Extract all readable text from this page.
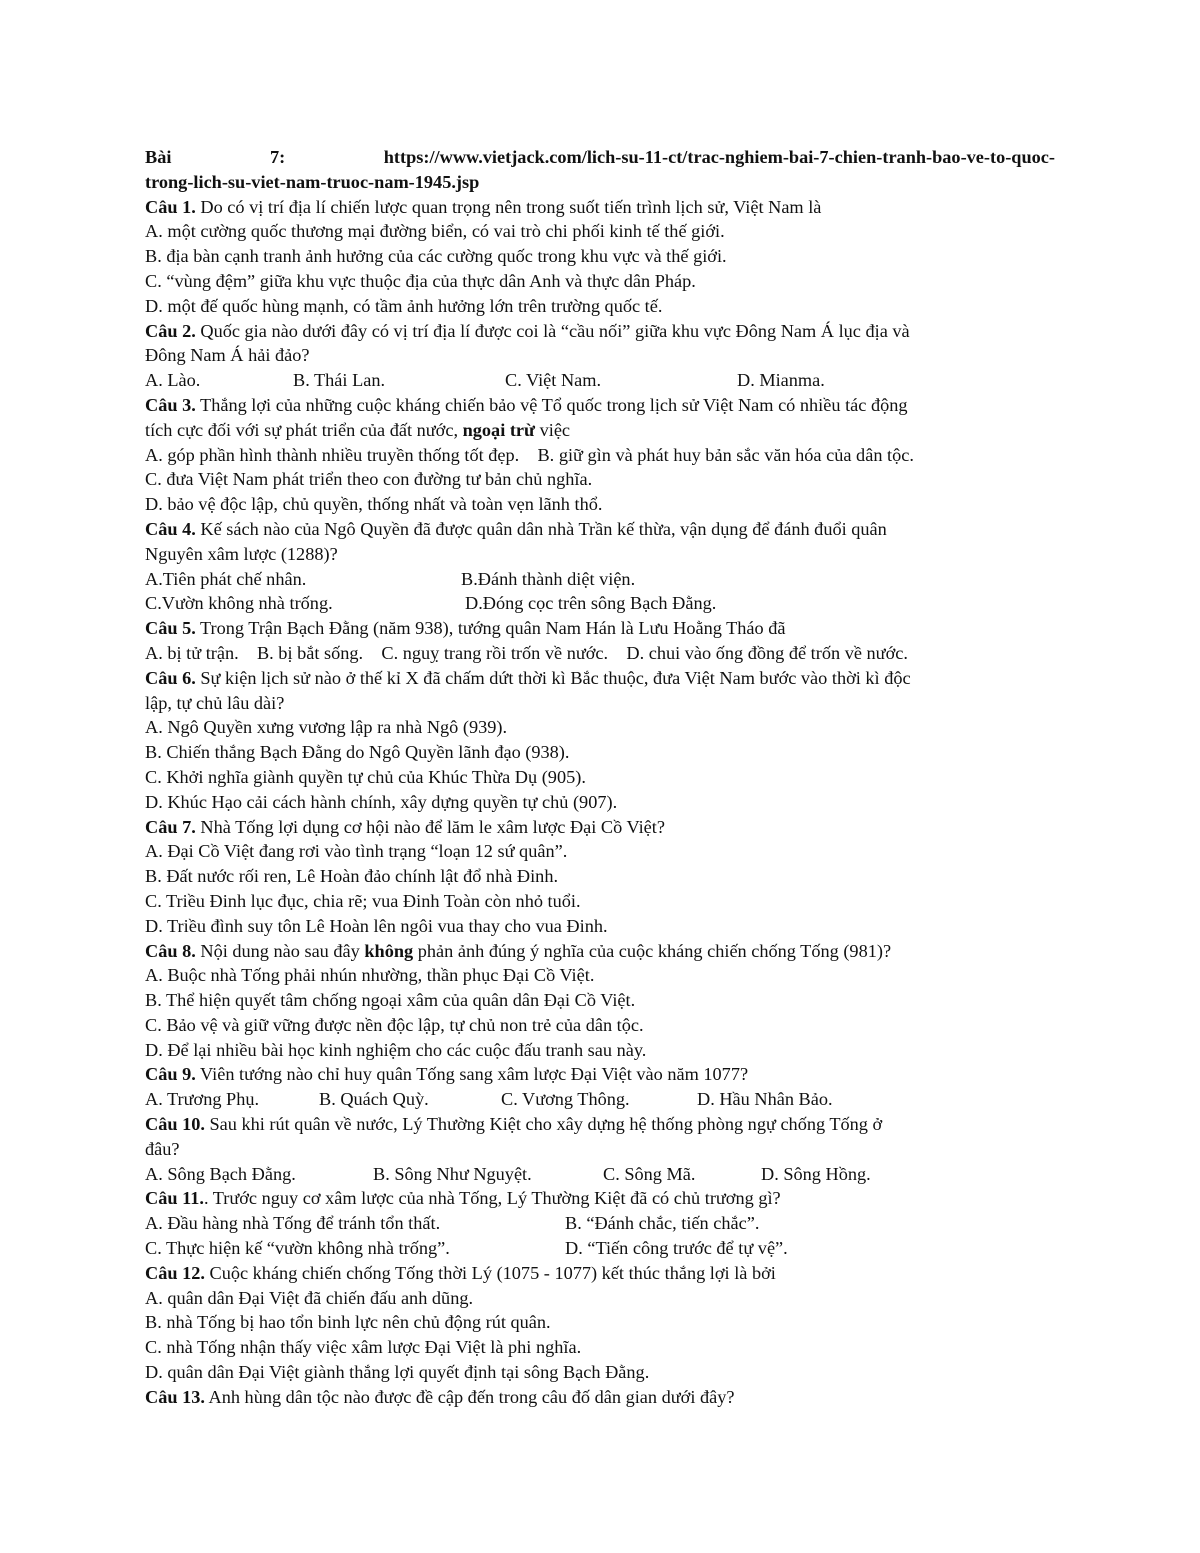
Bài	7:	https://www.vietjack.com/lich-su-11-ct/trac-nghiem-bai-7-chien-tranh-bao-ve-to-quoc-
trong-lich-su-viet-nam-truoc-nam-1945.jsp
Câu 1. Do có vị trí địa lí chiến lược quan trọng nên trong suốt tiến trình lịch sử, Việt Nam là
A. một cường quốc thương mại đường biển, có vai trò chi phối kinh tế thế giới.
B. địa bàn cạnh tranh ảnh hưởng của các cường quốc trong khu vực và thế giới.
C. “vùng đệm” giữa khu vực thuộc địa của thực dân Anh và thực dân Pháp.
D. một đế quốc hùng mạnh, có tầm ảnh hưởng lớn trên trường quốc tế.
Câu 2. Quốc gia nào dưới đây có vị trí địa lí được coi là “cầu nối” giữa khu vực Đông Nam Á lục địa và
Đông Nam Á hải đảo?
A. Lào.	B. Thái Lan.	C. Việt Nam.	D. Mianma.
Câu 3. Thắng lợi của những cuộc kháng chiến bảo vệ Tổ quốc trong lịch sử Việt Nam có nhiều tác động
tích cực đối với sự phát triển của đất nước, ngoại trừ việc
A. góp phần hình thành nhiều truyền thống tốt đẹp.    B. giữ gìn và phát huy bản sắc văn hóa của dân tộc.
C. đưa Việt Nam phát triển theo con đường tư bản chủ nghĩa.
D. bảo vệ độc lập, chủ quyền, thống nhất và toàn vẹn lãnh thổ.
Câu 4. Kế sách nào của Ngô Quyền đã được quân dân nhà Trần kế thừa, vận dụng để đánh đuổi quân
Nguyên xâm lược (1288)?
A.Tiên phát chế nhân.	B.Đánh thành diệt viện.
C.Vườn không nhà trống.	D.Đóng cọc trên sông Bạch Đằng.
Câu 5. Trong Trận Bạch Đằng (năm 938), tướng quân Nam Hán là Lưu Hoằng Tháo đã
A. bị tử trận.    B. bị bắt sống.    C. nguỵ trang rồi trốn về nước.    D. chui vào ống đồng để trốn về nước.
Câu 6. Sự kiện lịch sử nào ở thế kỉ X đã chấm dứt thời kì Bắc thuộc, đưa Việt Nam bước vào thời kì độc
lập, tự chủ lâu dài?
A. Ngô Quyền xưng vương lập ra nhà Ngô (939).
B. Chiến thắng Bạch Đằng do Ngô Quyền lãnh đạo (938).
C. Khởi nghĩa giành quyền tự chủ của Khúc Thừa Dụ (905).
D. Khúc Hạo cải cách hành chính, xây dựng quyền tự chủ (907).
Câu 7. Nhà Tống lợi dụng cơ hội nào để lăm le xâm lược Đại Cồ Việt?
A. Đại Cồ Việt đang rơi vào tình trạng “loạn 12 sứ quân”.
B. Đất nước rối ren, Lê Hoàn đảo chính lật đổ nhà Đinh.
C. Triều Đinh lục đục, chia rẽ; vua Đinh Toàn còn nhỏ tuổi.
D. Triều đình suy tôn Lê Hoàn lên ngôi vua thay cho vua Đinh.
Câu 8. Nội dung nào sau đây không phản ảnh đúng ý nghĩa của cuộc kháng chiến chống Tống (981)?
A. Buộc nhà Tống phải nhún nhường, thần phục Đại Cồ Việt.
B. Thể hiện quyết tâm chống ngoại xâm của quân dân Đại Cồ Việt.
C. Bảo vệ và giữ vững được nền độc lập, tự chủ non trẻ của dân tộc.
D. Để lại nhiều bài học kinh nghiệm cho các cuộc đấu tranh sau này.
Câu 9. Viên tướng nào chỉ huy quân Tống sang xâm lược Đại Việt vào năm 1077?
A. Trương Phụ.	B. Quách Quỳ.	C. Vương Thông.	D. Hầu Nhân Bảo.
Câu 10. Sau khi rút quân về nước, Lý Thường Kiệt cho xây dựng hệ thống phòng ngự chống Tống ở
đâu?
A. Sông Bạch Đằng.	B. Sông Như Nguyệt.	C. Sông Mã.	D. Sông Hồng.
Câu 11.. Trước nguy cơ xâm lược của nhà Tống, Lý Thường Kiệt đã có chủ trương gì?
A. Đầu hàng nhà Tống để tránh tổn thất.	B. “Đánh chắc, tiến chắc”.
C. Thực hiện kế “vườn không nhà trống”.	D. “Tiến công trước để tự vệ”.
Câu 12. Cuộc kháng chiến chống Tống thời Lý (1075 - 1077) kết thúc thắng lợi là bởi
A. quân dân Đại Việt đã chiến đấu anh dũng.
B. nhà Tống bị hao tổn binh lực nên chủ động rút quân.
C. nhà Tống nhận thấy việc xâm lược Đại Việt là phi nghĩa.
D. quân dân Đại Việt giành thắng lợi quyết định tại sông Bạch Đằng.
Câu 13. Anh hùng dân tộc nào được đề cập đến trong câu đố dân gian dưới đây?
